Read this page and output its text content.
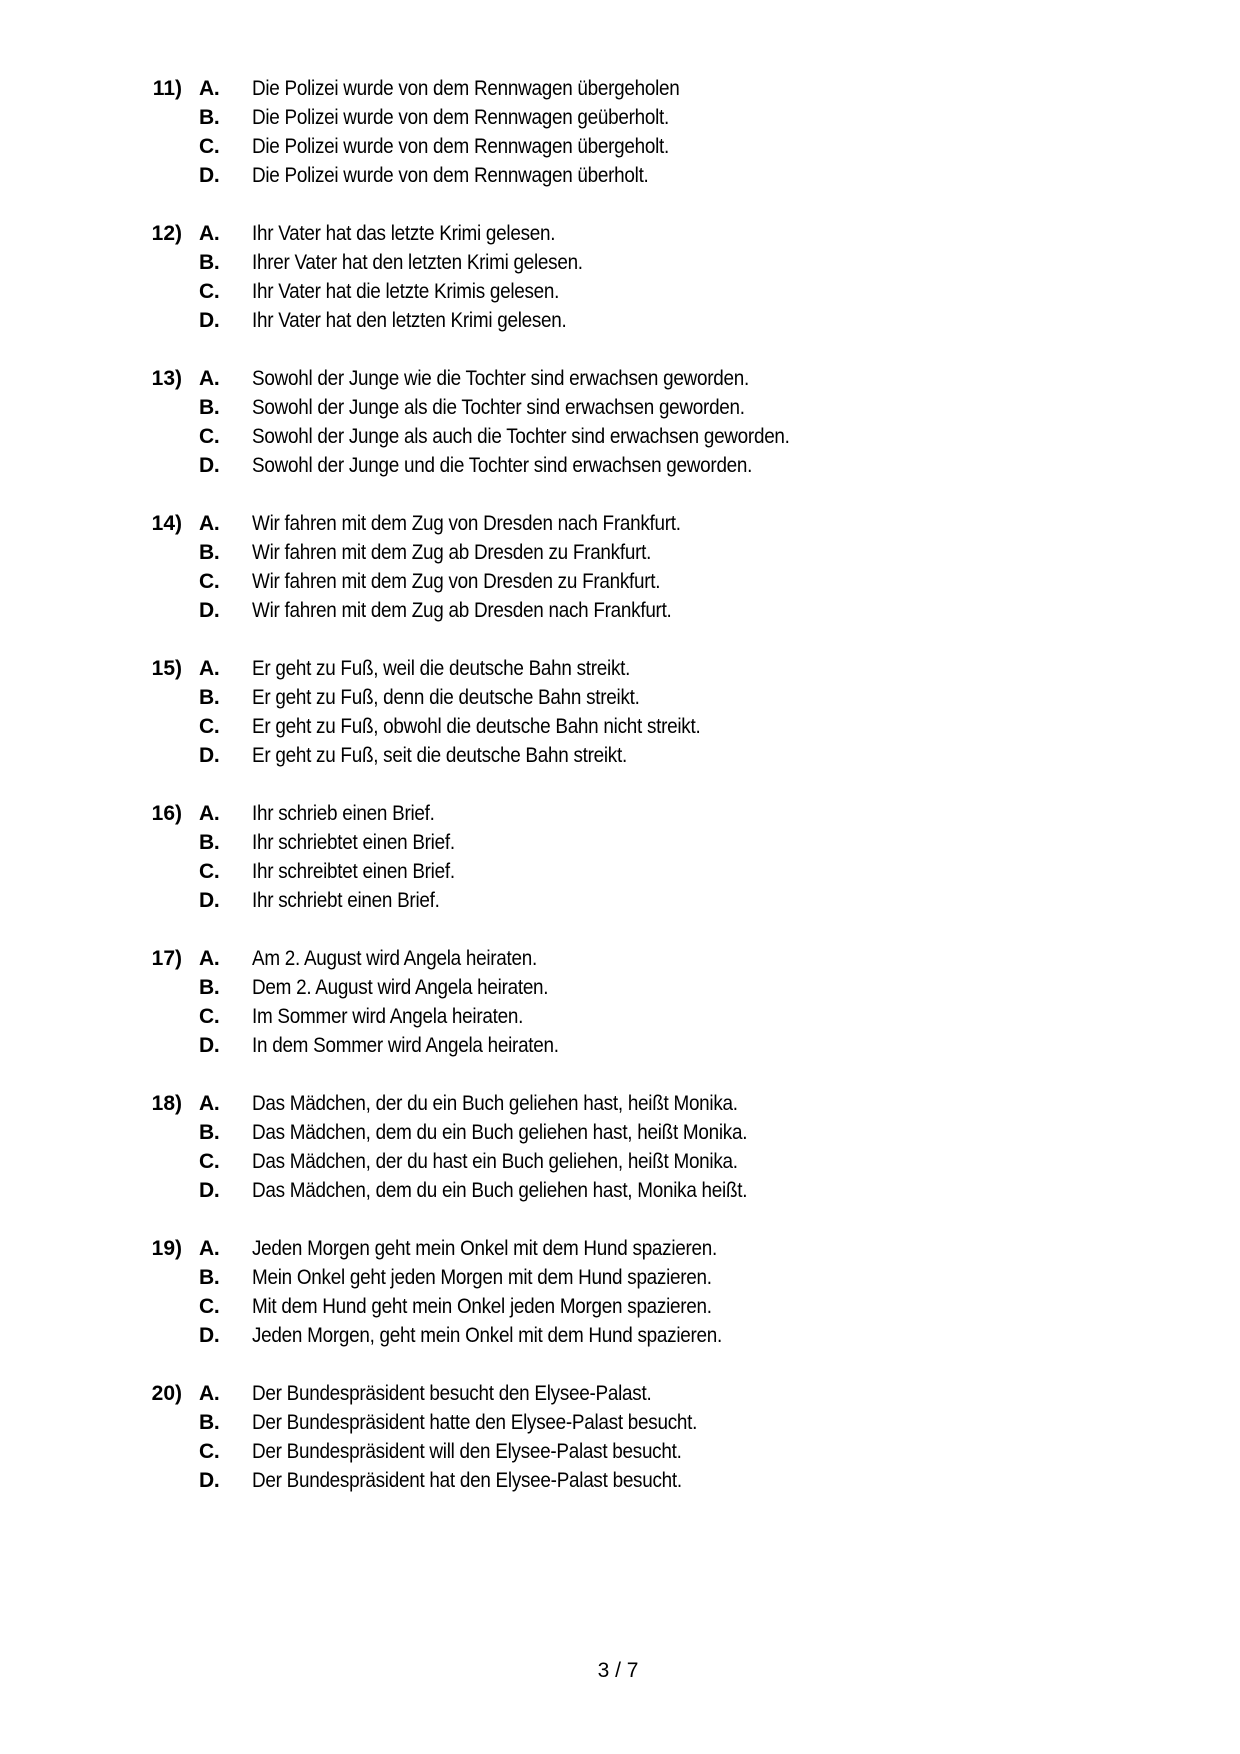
11) A.	Die Polizei wurde von dem Rennwagen übergeholen
B.	Die Polizei wurde von dem Rennwagen geüberholt.
C.	Die Polizei wurde von dem Rennwagen übergeholt.
D.	Die Polizei wurde von dem Rennwagen überholt.
12) A.	Ihr Vater hat das letzte Krimi gelesen.
B.	Ihrer Vater hat den letzten Krimi gelesen.
C.	Ihr Vater hat die letzte Krimis gelesen.
D.	Ihr Vater hat den letzten Krimi gelesen.
13) A.	Sowohl der Junge wie die Tochter sind erwachsen geworden.
B.	Sowohl der Junge als die Tochter sind erwachsen geworden.
C.	Sowohl der Junge als auch die Tochter sind erwachsen geworden.
D.	Sowohl der Junge und die Tochter sind erwachsen geworden.
14) A.	Wir fahren mit dem Zug von Dresden nach Frankfurt.
B.	Wir fahren mit dem Zug ab Dresden zu Frankfurt.
C.	Wir fahren mit dem Zug von Dresden zu Frankfurt.
D.	Wir fahren mit dem Zug ab Dresden nach Frankfurt.
15) A.	Er geht zu Fuß, weil die deutsche Bahn streikt.
B.	Er geht zu Fuß, denn die deutsche Bahn streikt.
C.	Er geht zu Fuß, obwohl die deutsche Bahn nicht streikt.
D.	Er geht zu Fuß, seit die deutsche Bahn streikt.
16) A.	Ihr schrieb einen Brief.
B.	Ihr schriebtet einen Brief.
C.	Ihr schreibtet einen Brief.
D.	Ihr schriebt einen Brief.
17) A.	Am 2. August wird Angela heiraten.
B.	Dem 2. August wird Angela heiraten.
C.	Im Sommer wird Angela heiraten.
D.	In dem Sommer wird Angela heiraten.
18) A.	Das Mädchen, der du ein Buch geliehen hast, heißt Monika.
B.	Das Mädchen, dem du ein Buch geliehen hast, heißt Monika.
C.	Das Mädchen, der du hast ein Buch geliehen, heißt Monika.
D.	Das Mädchen, dem du ein Buch geliehen hast, Monika heißt.
19) A.	Jeden Morgen geht mein Onkel mit dem Hund spazieren.
B.	Mein Onkel geht jeden Morgen mit dem Hund spazieren.
C.	Mit dem Hund geht mein Onkel jeden Morgen spazieren.
D.	Jeden Morgen, geht mein Onkel mit dem Hund spazieren.
20) A.	Der Bundespräsident besucht den Elysee-Palast.
B.	Der Bundespräsident hatte den Elysee-Palast besucht.
C.	Der Bundespräsident will den Elysee-Palast besucht.
D.	Der Bundespräsident hat den Elysee-Palast besucht.
3 / 7
